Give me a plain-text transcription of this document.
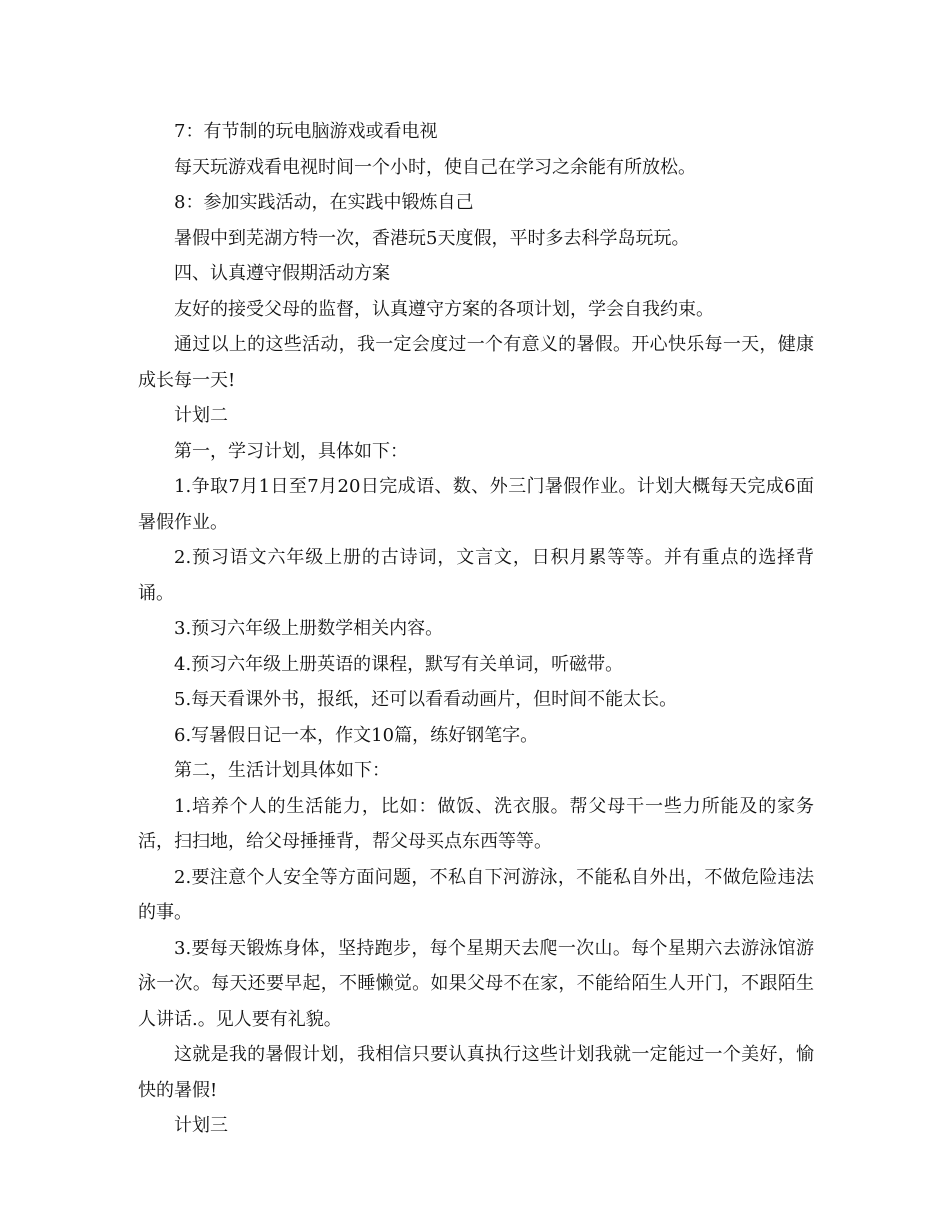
7：有节制的玩电脑游戏或看电视

每天玩游戏看电视时间一个小时，使自己在学习之余能有所放松。

8：参加实践活动，在实践中锻炼自己

暑假中到芜湖方特一次，香港玩5天度假，平时多去科学岛玩玩。

四、认真遵守假期活动方案

友好的接受父母的监督，认真遵守方案的各项计划，学会自我约束。

通过以上的这些活动，我一定会度过一个有意义的暑假。开心快乐每一天，健康成长每一天!

计划二

第一，学习计划，具体如下：

1.争取7月1日至7月20日完成语、数、外三门暑假作业。计划大概每天完成6面暑假作业。

2.预习语文六年级上册的古诗词，文言文，日积月累等等。并有重点的选择背诵。

3.预习六年级上册数学相关内容。

4.预习六年级上册英语的课程，默写有关单词，听磁带。

5.每天看课外书，报纸，还可以看看动画片，但时间不能太长。

6.写暑假日记一本，作文10篇，练好钢笔字。

第二，生活计划具体如下：

1.培养个人的生活能力，比如：做饭、洗衣服。帮父母干一些力所能及的家务活，扫扫地，给父母捶捶背，帮父母买点东西等等。

2.要注意个人安全等方面问题，不私自下河游泳，不能私自外出，不做危险违法的事。

3.要每天锻炼身体，坚持跑步，每个星期天去爬一次山。每个星期六去游泳馆游泳一次。每天还要早起，不睡懒觉。如果父母不在家，不能给陌生人开门，不跟陌生人讲话.。见人要有礼貌。

这就是我的暑假计划，我相信只要认真执行这些计划我就一定能过一个美好，愉快的暑假!

计划三
